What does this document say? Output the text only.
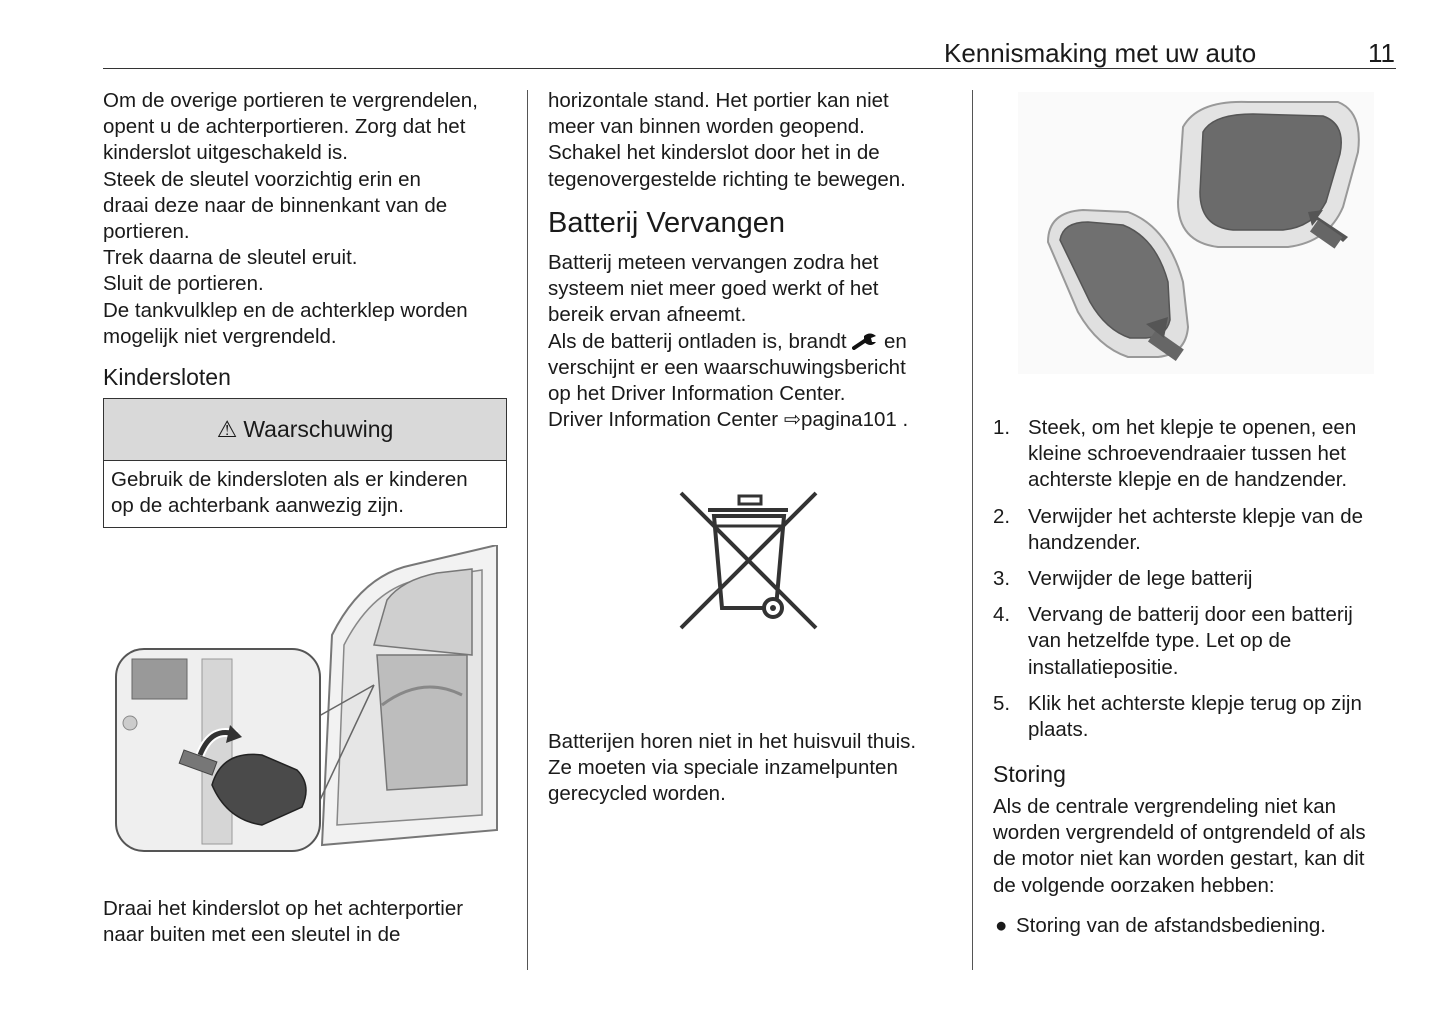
Kennismaking met uw auto	11
Om de overige portieren te vergrendelen,
opent u de achterportieren. Zorg dat het
kinderslot uitgeschakeld is.
Steek de sleutel voorzichtig erin en
draai deze naar de binnenkant van de
portieren.
Trek daarna de sleutel eruit.
Sluit de portieren.
De tankvulklep en de achterklep worden
mogelijk niet vergrendeld.
Kindersloten
⚠ Waarschuwing
Gebruik de kindersloten als er kinderen
op de achterbank aanwezig zijn.
Draai het kinderslot op het achterportier
naar buiten met een sleutel in de
horizontale stand. Het portier kan niet
meer van binnen worden geopend.
Schakel het kinderslot door het in de
tegenovergestelde richting te bewegen.
Batterij Vervangen
Batterij meteen vervangen zodra het
systeem niet meer goed werkt of het
bereik ervan afneemt.
Als de batterij ontladen is, brandt en
verschijnt er een waarschuwingsbericht
op het Driver Information Center.
Driver Information Center ⇨pagina101 .
Batterijen horen niet in het huisvuil thuis.
Ze moeten via speciale inzamelpunten
gerecycled worden.
1. Steek, om het klepje te openen, een
kleine schroevendraaier tussen het
achterste klepje en de handzender.
2. Verwijder het achterste klepje van de
handzender.
3. Verwijder de lege batterij
4. Vervang de batterij door een batterij
van hetzelfde type. Let op de
installatiepositie.
5. Klik het achterste klepje terug op zijn
plaats.
Storing
Als de centrale vergrendeling niet kan
worden vergrendeld of ontgrendeld of als
de motor niet kan worden gestart, kan dit
de volgende oorzaken hebben:
● Storing van de afstandsbediening.
